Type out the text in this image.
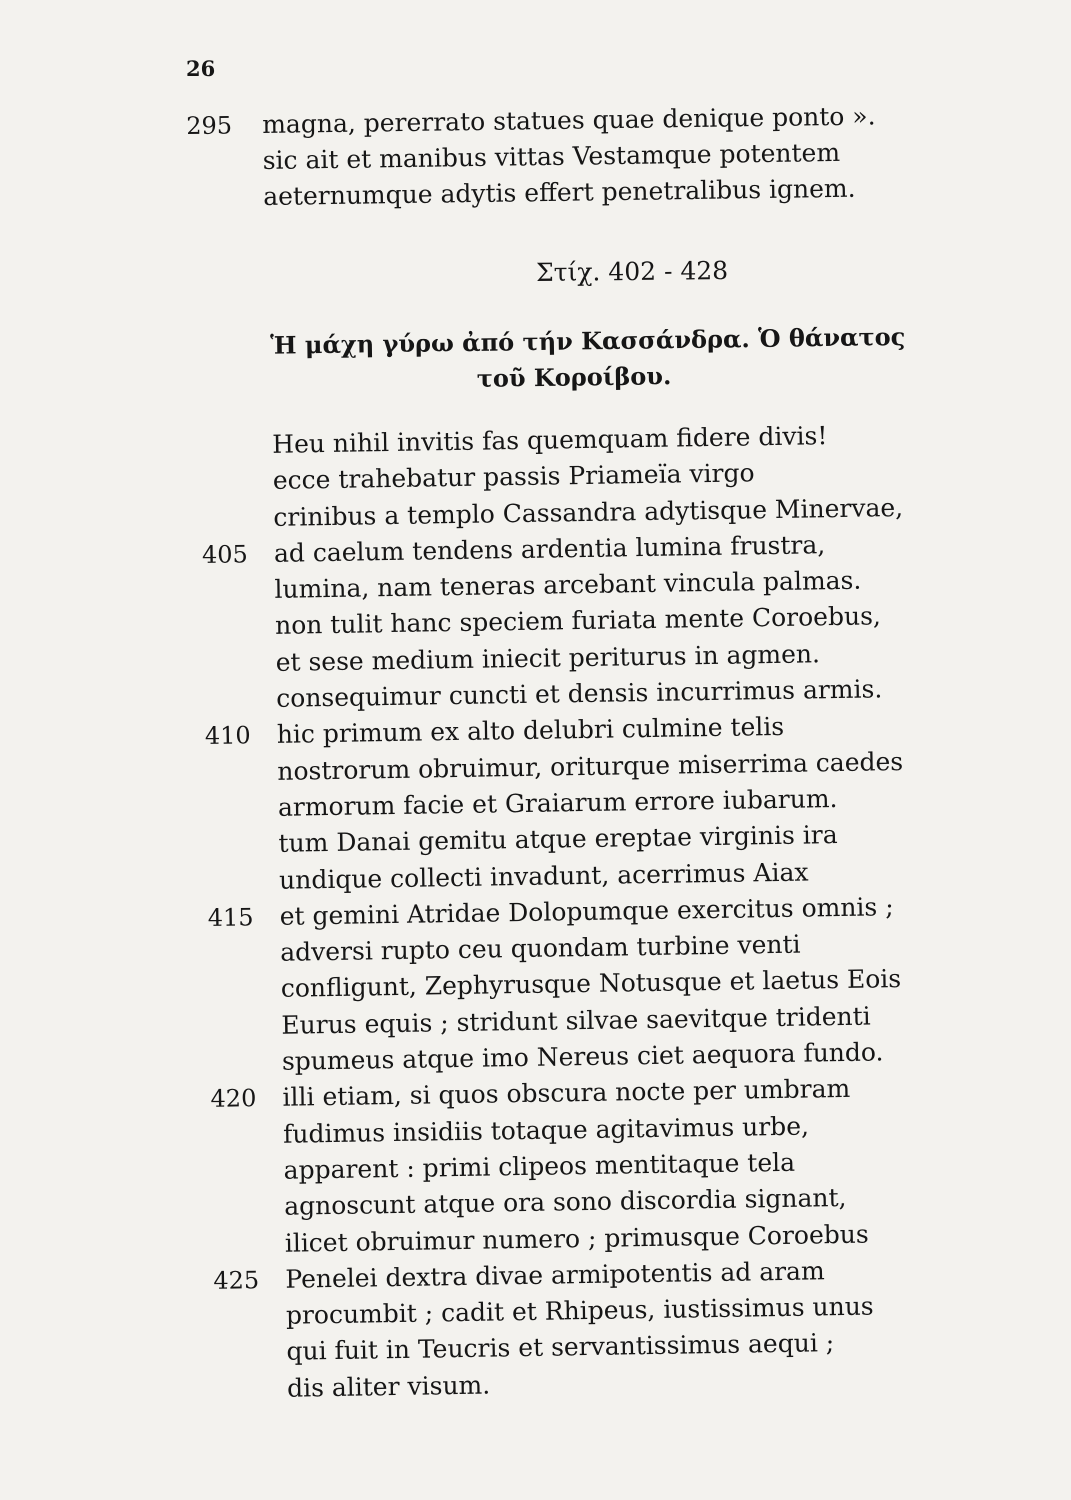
26
295 magna, pererrato statues quae denique ponto ».
sic ait et manibus vittas Vestamque potentem
aeternumque adytis effert penetralibus ignem.
Στίχ. 402 - 428
Ἡ μάχη γύρω ἀπό τήν Κασσάνδρα. Ὁ θάνατος
τοῦ Κοροίβου.
Heu nihil invitis fas quemquam fidere divis!
ecce trahebatur passis Priameïa virgo
crinibus a templo Cassandra adytisque Minervae,
405 ad caelum tendens ardentia lumina frustra,
lumina, nam teneras arcebant vincula palmas.
non tulit hanc speciem furiata mente Coroebus,
et sese medium iniecit periturus in agmen.
consequimur cuncti et densis incurrimus armis.
410 hic primum ex alto delubri culmine telis
nostrorum obruimur, oriturque miserrima caedes
armorum facie et Graiarum errore iubarum.
tum Danai gemitu atque ereptae virginis ira
undique collecti invadunt, acerrimus Aiax
415 et gemini Atridae Dolopumque exercitus omnis ;
adversi rupto ceu quondam turbine venti
confligunt, Zephyrusque Notusque et laetus Eois
Eurus equis ; stridunt silvae saevitque tridenti
spumeus atque imo Nereus ciet aequora fundo.
420 illi etiam, si quos obscura nocte per umbram
fudimus insidiis totaque agitavimus urbe,
apparent : primi clipeos mentitaque tela
agnoscunt atque ora sono discordia signant,
ilicet obruimur numero ; primusque Coroebus
425 Penelei dextra divae armipotentis ad aram
procumbit ; cadit et Rhipeus, iustissimus unus
qui fuit in Teucris et servantissimus aequi ;
dis aliter visum.
